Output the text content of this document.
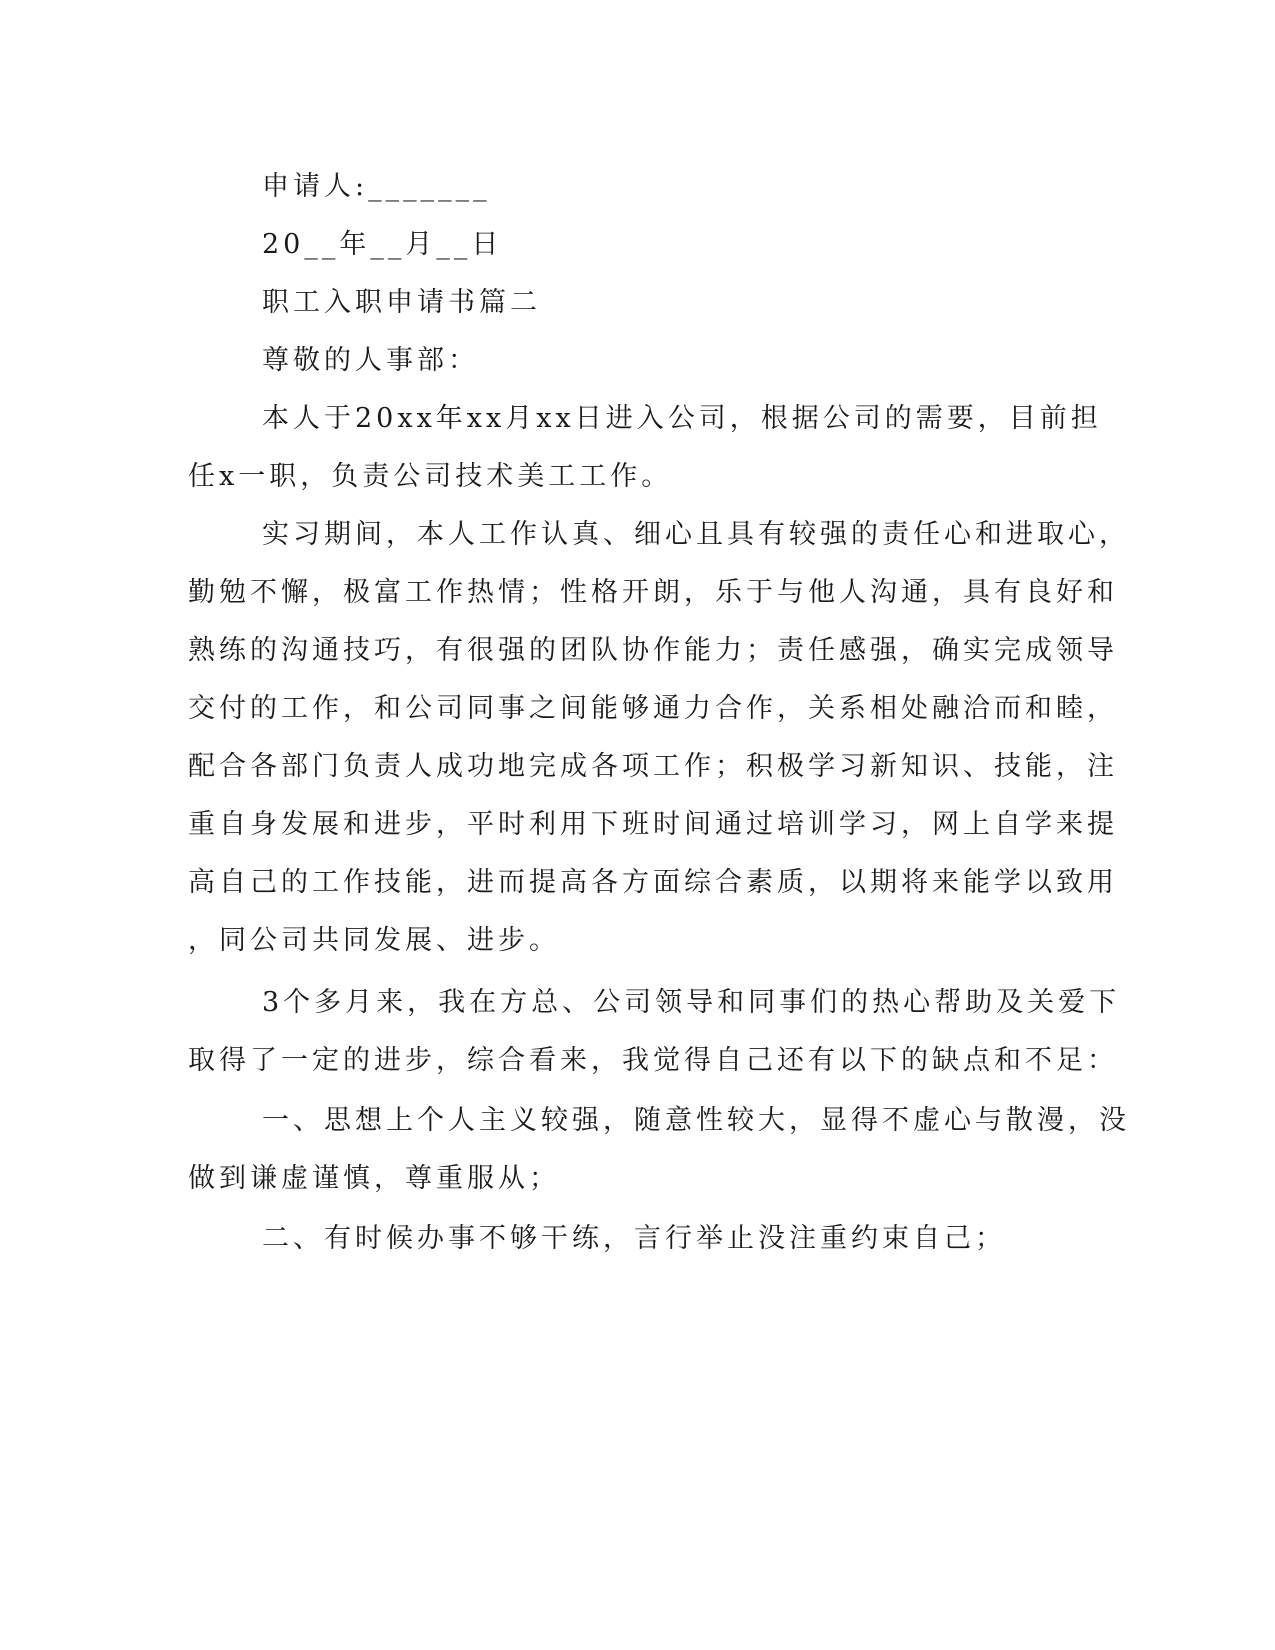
申请人:_______

20__年__月__日

职工入职申请书篇二

尊敬的人事部：

本人于20xx年xx月xx日进入公司，根据公司的需要，目前担

任x一职，负责公司技术美工工作。

实习期间，本人工作认真、细心且具有较强的责任心和进取心，

勤勉不懈，极富工作热情；性格开朗，乐于与他人沟通，具有良好和

熟练的沟通技巧，有很强的团队协作能力；责任感强，确实完成领导

交付的工作，和公司同事之间能够通力合作，关系相处融洽而和睦，

配合各部门负责人成功地完成各项工作；积极学习新知识、技能，注

重自身发展和进步，平时利用下班时间通过培训学习，网上自学来提

高自己的工作技能，进而提高各方面综合素质，以期将来能学以致用

，同公司共同发展、进步。

3个多月来，我在方总、公司领导和同事们的热心帮助及关爱下

取得了一定的进步，综合看来，我觉得自己还有以下的缺点和不足：

一、思想上个人主义较强，随意性较大，显得不虚心与散漫，没

做到谦虚谨慎，尊重服从；

二、有时候办事不够干练，言行举止没注重约束自己；
